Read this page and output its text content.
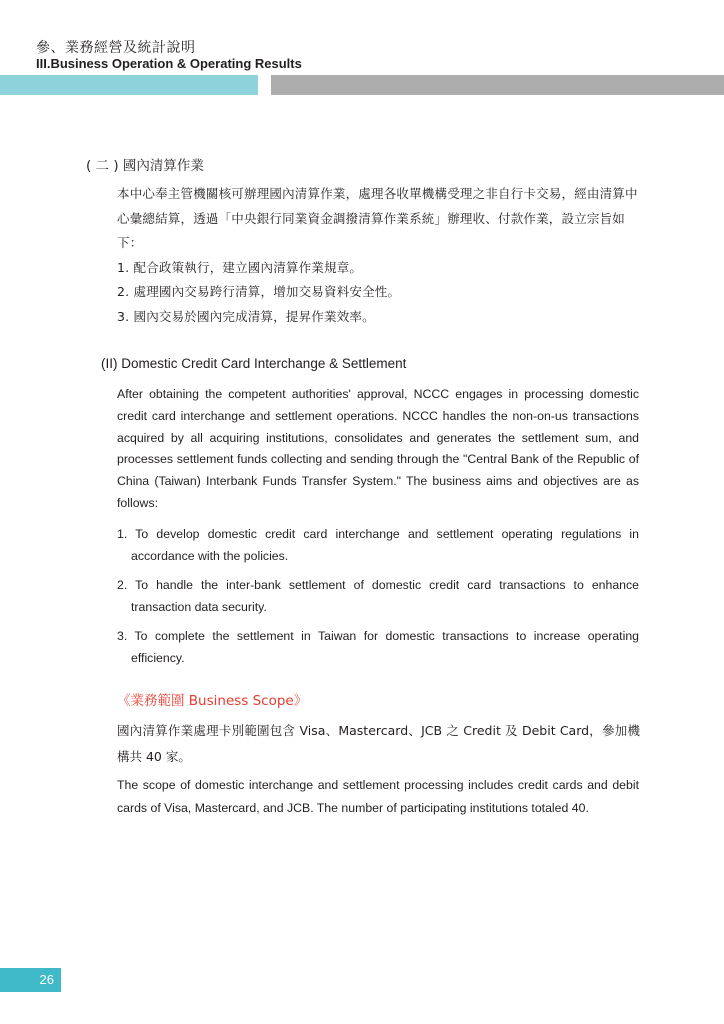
參、業務經營及統計說明
III.Business Operation & Operating Results
( 二 ) 國內清算作業

本中心奉主管機關核可辦理國內清算作業，處理各收單機構受理之非自行卡交易，經由清算中心彙總結算，透過「中央銀行同業資金調撥清算作業系統」辦理收、付款作業，設立宗旨如下：

1. 配合政策執行，建立國內清算作業規章。
2. 處理國內交易跨行清算，增加交易資料安全性。
3. 國內交易於國內完成清算，提昇作業效率。
(II) Domestic Credit Card Interchange & Settlement

After obtaining the competent authorities' approval, NCCC engages in processing domestic credit card interchange and settlement operations. NCCC handles the non-on-us transactions acquired by all acquiring institutions, consolidates and generates the settlement sum, and processes settlement funds collecting and sending through the "Central Bank of the Republic of China (Taiwan) Interbank Funds Transfer System." The business aims and objectives are as follows:

1. To develop domestic credit card interchange and settlement operating regulations in accordance with the policies.
2. To handle the inter-bank settlement of domestic credit card transactions to enhance transaction data security.
3. To complete the settlement in Taiwan for domestic transactions to increase operating efficiency.
《業務範圍 Business Scope》
國內清算作業處理卡別範圍包含 Visa、Mastercard、JCB 之 Credit 及 Debit Card，參加機構共 40 家。
The scope of domestic interchange and settlement processing includes credit cards and debit cards of Visa, Mastercard, and JCB. The number of participating institutions totaled 40.
26
